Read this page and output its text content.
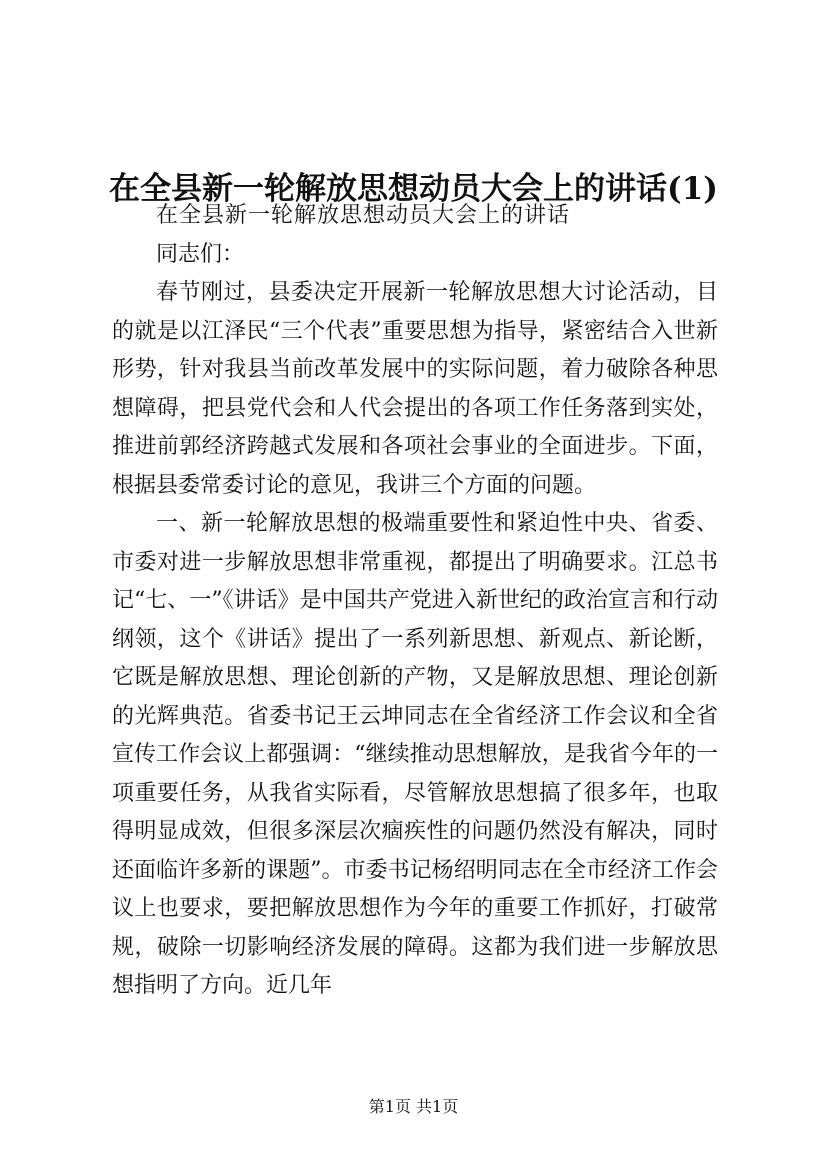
在全县新一轮解放思想动员大会上的讲话(1)

在全县新一轮解放思想动员大会上的讲话

同志们：

春节刚过，县委决定开展新一轮解放思想大讨论活动，目的就是以江泽民“三个代表”重要思想为指导，紧密结合入世新形势，针对我县当前改革发展中的实际问题，着力破除各种思想障碍，把县党代会和人代会提出的各项工作任务落到实处，推进前郭经济跨越式发展和各项社会事业的全面进步。下面，根据县委常委讨论的意见，我讲三个方面的问题。

一、新一轮解放思想的极端重要性和紧迫性中央、省委、市委对进一步解放思想非常重视，都提出了明确要求。江总书记“七、一”《讲话》是中国共产党进入新世纪的政治宣言和行动纲领，这个《讲话》提出了一系列新思想、新观点、新论断，它既是解放思想、理论创新的产物，又是解放思想、理论创新的光辉典范。省委书记王云坤同志在全省经济工作会议和全省宣传工作会议上都强调：“继续推动思想解放，是我省今年的一项重要任务，从我省实际看，尽管解放思想搞了很多年，也取得明显成效，但很多深层次痼疾性的问题仍然没有解决，同时还面临许多新的课题”。市委书记杨绍明同志在全市经济工作会议上也要求，要把解放思想作为今年的重要工作抓好，打破常规，破除一切影响经济发展的障碍。这都为我们进一步解放思想指明了方向。近几年

第1页 共1页
